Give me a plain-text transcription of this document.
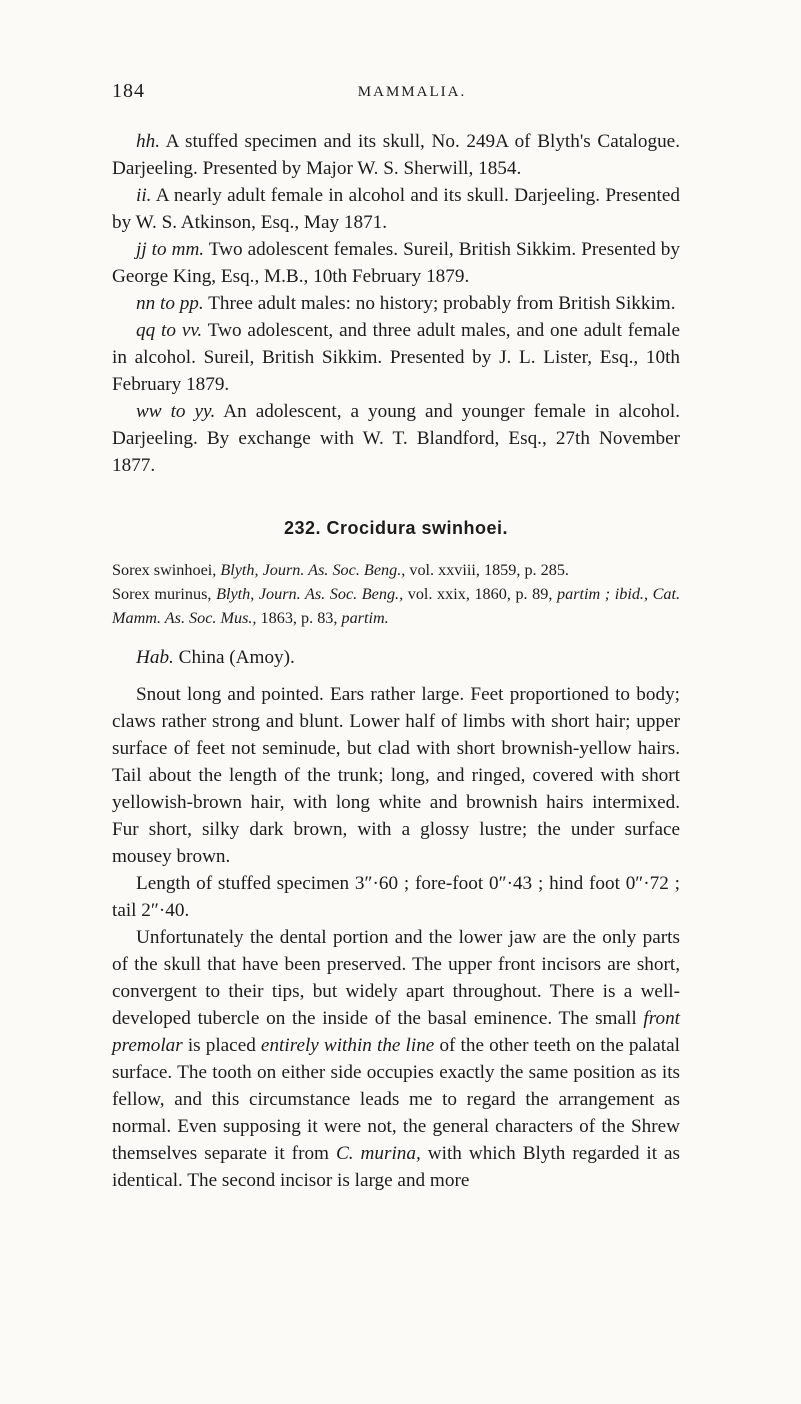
184	MAMMALIA.

hh. A stuffed specimen and its skull, No. 249A of Blyth's Catalogue. Darjeeling. Presented by Major W. S. Sherwill, 1854.

ii. A nearly adult female in alcohol and its skull. Darjeeling. Presented by W. S. Atkinson, Esq., May 1871.

jj to mm. Two adolescent females. Sureil, British Sikkim. Presented by George King, Esq., M.B., 10th February 1879.

nn to pp. Three adult males: no history; probably from British Sikkim.

qq to vv. Two adolescent, and three adult males, and one adult female in alcohol. Sureil, British Sikkim. Presented by J. L. Lister, Esq., 10th February 1879.

ww to yy. An adolescent, a young and younger female in alcohol. Darjeeling. By exchange with W. T. Blandford, Esq., 27th November 1877.

232. Crocidura swinhoei.

Sorex swinhoei, Blyth, Journ. As. Soc. Beng., vol. xxviii, 1859, p. 285.

Sorex murinus, Blyth, Journ. As. Soc. Beng., vol. xxix, 1860, p. 89, partim ; ibid., Cat. Mamm. As. Soc. Mus., 1863, p. 83, partim.

Hab. China (Amoy).

Snout long and pointed. Ears rather large. Feet proportioned to body; claws rather strong and blunt. Lower half of limbs with short hair; upper surface of feet not seminude, but clad with short brownish-yellow hairs. Tail about the length of the trunk; long, and ringed, covered with short yellowish-brown hair, with long white and brownish hairs intermixed. Fur short, silky dark brown, with a glossy lustre; the under surface mousey brown.

Length of stuffed specimen 3″·60 ; fore-foot 0″·43 ; hind foot 0″·72 ; tail 2″·40.

Unfortunately the dental portion and the lower jaw are the only parts of the skull that have been preserved. The upper front incisors are short, convergent to their tips, but widely apart throughout. There is a well-developed tubercle on the inside of the basal eminence. The small front premolar is placed entirely within the line of the other teeth on the palatal surface. The tooth on either side occupies exactly the same position as its fellow, and this circumstance leads me to regard the arrangement as normal. Even supposing it were not, the general characters of the Shrew themselves separate it from C. murina, with which Blyth regarded it as identical. The second incisor is large and more
